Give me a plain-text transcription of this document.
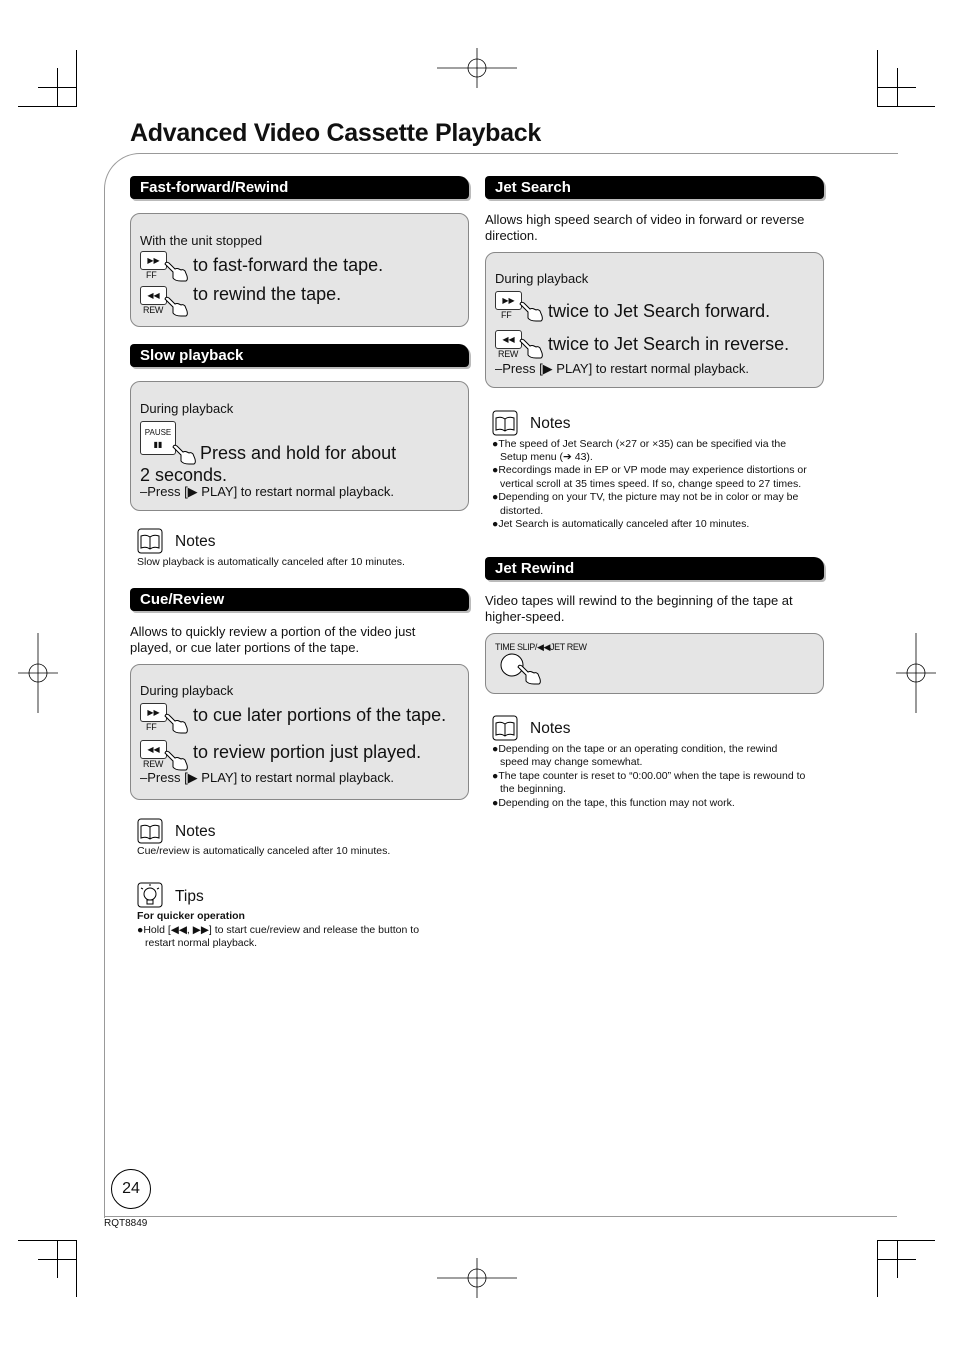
Advanced Video Cassette Playback
Fast-forward/Rewind
With the unit stopped
▶▶
FF to fast-forward the tape.
◀◀
REW
to rewind the tape.
Slow playback
During playback
PAUSE
▮▮	Press and hold for about
2 seconds.
–Press [▶ PLAY] to restart normal playback.
Notes
Slow playback is automatically canceled after 10 minutes.
Cue/Review
Allows to quickly review a portion of the video just
played, or cue later portions of the tape.
During playback
▶▶
FF
to cue later portions of the tape.
◀◀
REW
to review portion just played.
–Press [▶ PLAY] to restart normal playback.
Notes
Cue/review is automatically canceled after 10 minutes.
Tips
For quicker operation
●Hold [◀◀, ▶▶] to start cue/review and release the button to
restart normal playback.
Jet Search
Allows high speed search of video in forward or reverse
direction.
During playback
▶▶
FF twice to Jet Search forward.
◀◀
REW twice to Jet Search in reverse.
–Press [▶ PLAY] to restart normal playback.
Notes
●The speed of Jet Search (×27 or ×35) can be specified via the
Setup menu (➔ 43).
●Recordings made in EP or VP mode may experience distortions or
vertical scroll at 35 times speed. If so, change speed to 27 times.
●Depending on your TV, the picture may not be in color or may be
distorted.
●Jet Search is automatically canceled after 10 minutes.
Jet Rewind
Video tapes will rewind to the beginning of the tape at
higher-speed.
TIME SLIP/◀◀JET REW
Notes
●Depending on the tape or an operating condition, the rewind
speed may change somewhat.
●The tape counter is reset to “0:00.00” when the tape is rewound to
the beginning.
●Depending on the tape, this function may not work.
24
RQT8849
